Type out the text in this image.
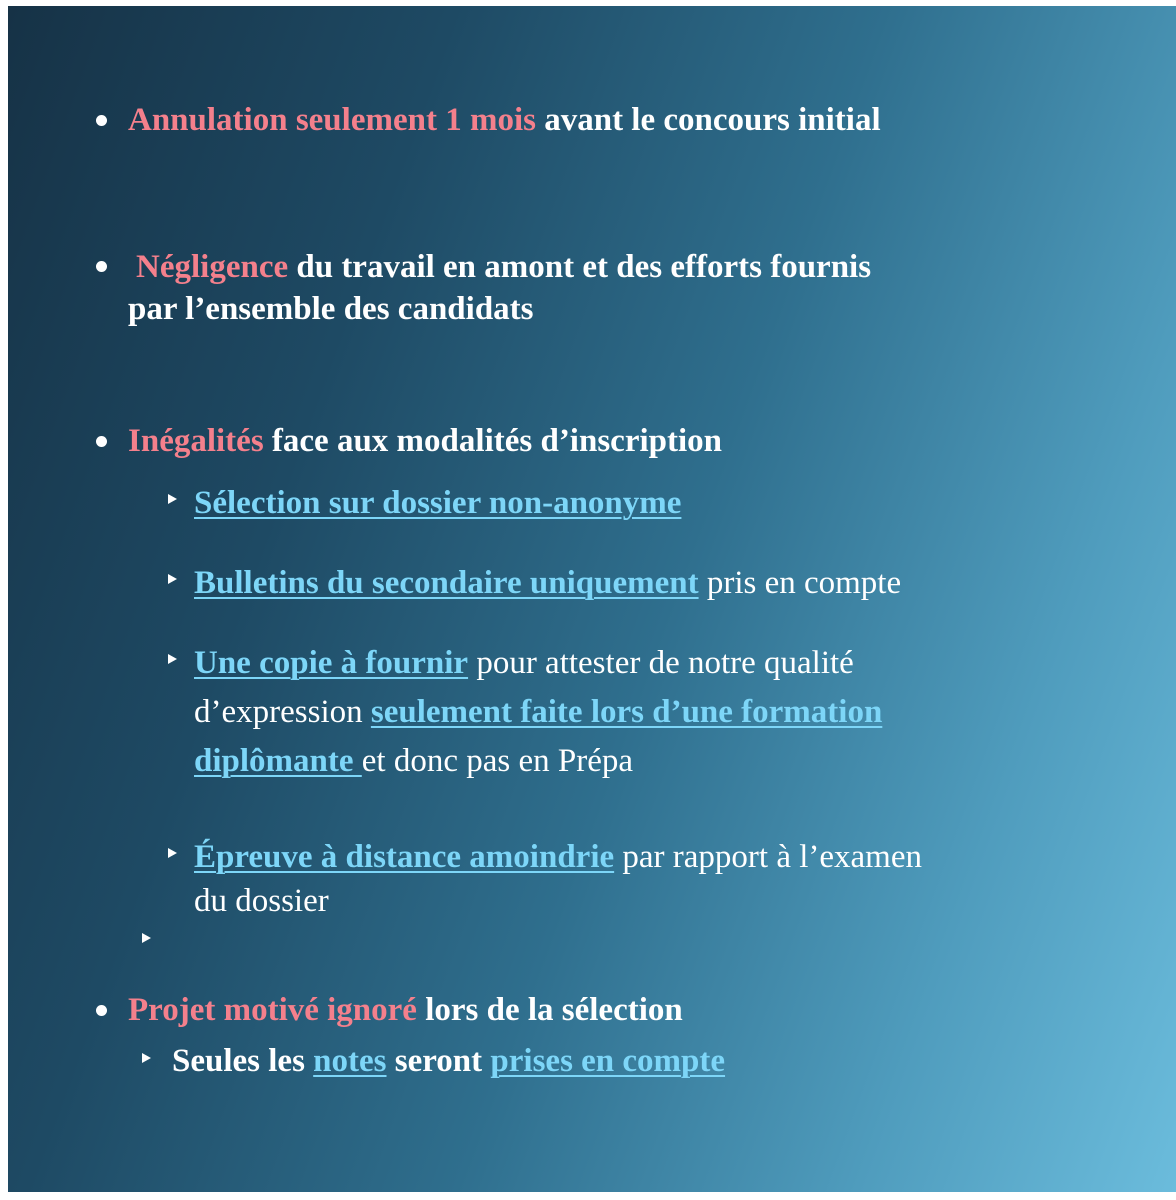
Annulation seulement 1 mois avant le concours initial
Négligence du travail en amont et des efforts fournis
par l’ensemble des candidats
Inégalités face aux modalités d’inscription
Sélection sur dossier non-anonyme
Bulletins du secondaire uniquement pris en compte
Une copie à fournir pour attester de notre qualité
d’expression seulement faite lors d’une formation
diplômante et donc pas en Prépa
Épreuve à distance amoindrie par rapport à l’examen
du dossier
Projet motivé ignoré lors de la sélection
Seules les notes seront prises en compte
